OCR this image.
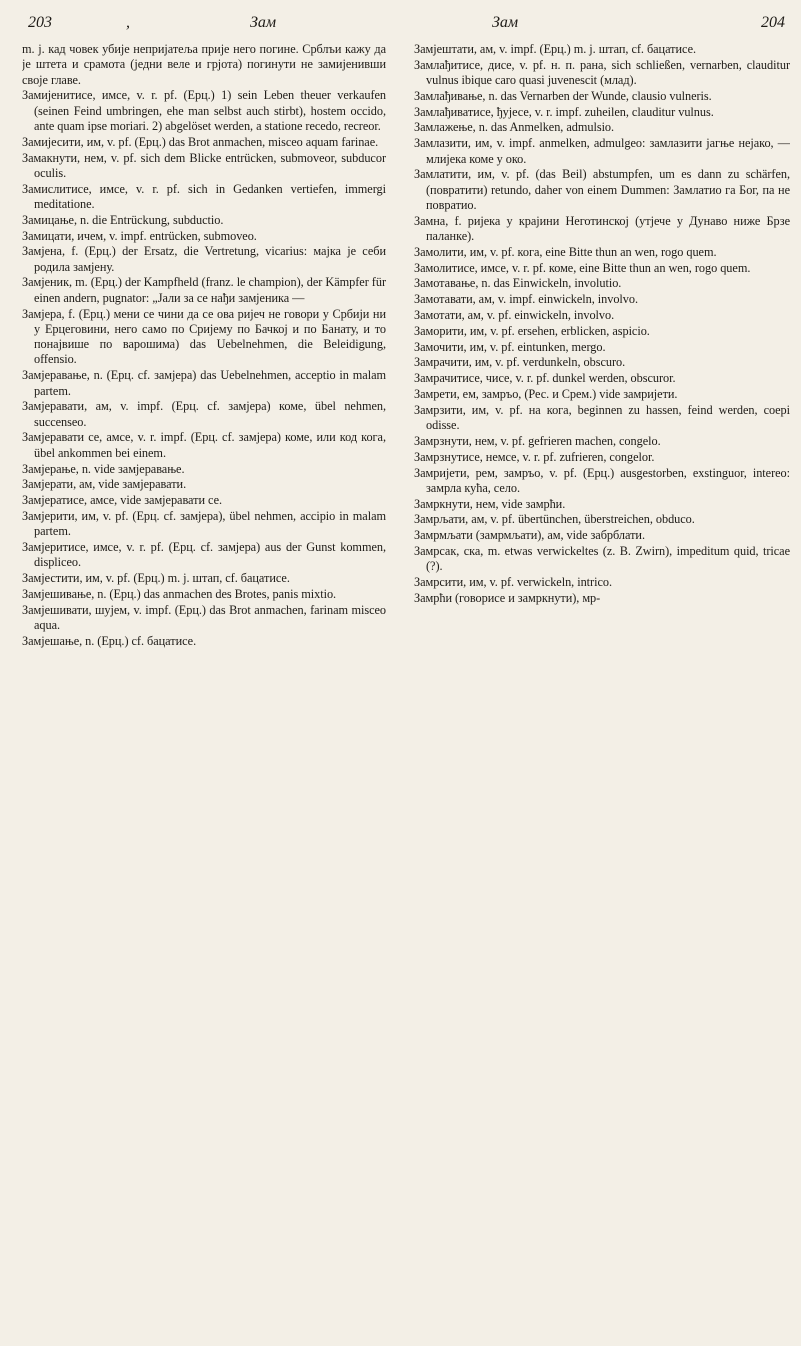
203	,	Зам	Зам	204

m. j. кад човек убије непријатеља прије него погине. Срблъи кажу да је штета и срамота (једни веле и грјота) погинути не замијенивши своје главе.

Замијенитисе, имсе, v. r. pf. (Ерц.) 1) sein Leben theuer verkaufen (seinen Feind umbringen, ehe man selbst auch stirbt), hostem occido, ante quam ipse moriari. 2) abgelöset werden, a statione recedo, recreor.

Замијесити, им, v. pf. (Ерц.) das Brot anmachen, misceo aquam farinae.

Замакнути, нем, v. pf. sich dem Blicke entrücken, submoveor, subducor oculis.

Замислитисе, имсе, v. r. pf. sich in Gedanken vertiefen, immergi meditatione.

Замицање, n. die Entrückung, subductio.

Замицати, ичем, v. impf. entrücken, submoveo.

Замјена, f. (Ерц.) der Ersatz, die Vertretung, vicarius: мајка је себи родила замјену.

Замјеник, m. (Ерц.) der Kampfheld (franz. le champion), der Kämpfer für einen andern, pugnator: „Јали за се нађи замјеника —

Замјера, f. (Ерц.) мени се чини да се ова ријеч не говори у Србији ни у Ерцеговини, него само по Сријему по Бачкој и по Банату, и то понајвише по варошима) das Uebelnehmen, die Beleidigung, offensio.

Замјеравање, n. (Ерц. cf. замјера) das Uebelnehmen, acceptio in malam partem.

Замјеравати, ам, v. impf. (Ерц. cf. замјера) коме, übel nehmen, succenseo.

Замјеравати се, амсе, v. r. impf. (Ерц. cf. замјера) коме, или код кога, übel ankommen bei einem.

Замјерање, n. vide замјеравање.

Замјерати, ам, vide замјеравати.

Замјератисе, амсе, vide замјеравати се.

Замјерити, им, v. pf. (Ерц. cf. замјера), übel nehmen, accipio in malam partem.

Замјеритисе, имсе, v. r. pf. (Ерц. cf. замјера) aus der Gunst kommen, displiceo.

Замјестити, им, v. pf. (Ерц.) m. j. штап, cf. бацатисе.

Замјешивање, n. (Ерц.) das anmachen des Brotes, panis mixtio.

Замјешивати, шујем, v. impf. (Ерц.) das Brot anmachen, farinam misceo aqua.

Замјешање, n. (Ерц.) cf. бацатисе.

Замјештати, ам, v. impf. (Ерц.) m. j. штап, cf. бацатисе.

Замлађитисе, диcе, v. pf. н. п. рана, sich schließen, vernarben, clauditur vulnus ibique caro quasi juvenescit (млад).

Замлађивање, n. das Vernarben der Wunde, clausio vulneris.

Замлађиватисе, ђујесе, v. r. impf. zuheilen, clauditur vulnus.

Замлажење, n. das Anmelken, admulsio.

Замлазити, им, v. impf. anmelken, admulgeo: замлазити јагње нејако, — млијека коме у око.

Замлатити, им, v. pf. (das Beil) abstumpfen, um es dann zu schärfen, (повратити) retundo, daher von einem Dummen: Замлатио га Бог, па не повратио.

Замна, f. ријека у крајини Неготинској (утјече у Дунаво ниже Брзе паланке).

Замолити, им, v. pf. кога, eine Bitte thun an wen, rogo quem.

Замолитисе, имсе, v. r. pf. коме, eine Bitte thun an wen, rogo quem.

Замотавање, n. das Einwickeln, involutio.

Замотавати, ам, v. impf. einwickeln, involvo.

Замотати, ам, v. pf. einwickeln, involvo.

Заморити, им, v. pf. ersehen, erblicken, aspicio.

Замочити, им, v. pf. eintunken, mergo.

Замрачити, им, v. pf. verdunkeln, obscuro.

Замрачитисе, чисе, v. r. pf. dunkel werden, obscuror.

Замрети, ем, замръо, (Рес. и Срем.) vide замријети.

Замрзити, им, v. pf. на кога, beginnen zu hassen, feind werden, coepi odisse.

Замрзнути, нем, v. pf. gefrieren machen, congelo.

Замрзнутисе, немсе, v. r. pf. zufrieren, congelor.

Замријети, рем, замръо, v. pf. (Ерц.) ausgestorben, exstinguor, intereo: замрла кућа, село.

Замркнути, нем, vide замрћи.

Замрљати, ам, v. pf. übertünchen, überstreichen, obduco.

Замрмљати (замрмљати), ам, vide забрблати.

Замрсак, ска, m. etwas verwickeltes (z. B. Zwirn), impeditum quid, tricae (?).

Замрсити, им, v. pf. verwickeln, intrico.

Замрћи (говорисе и замркнути), мр-
